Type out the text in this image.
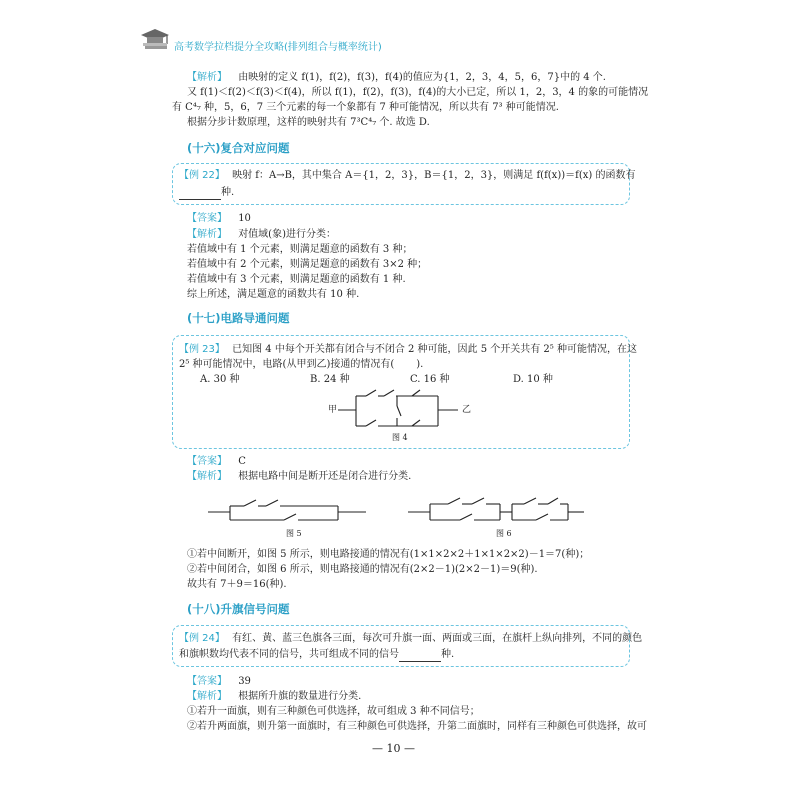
高考数学拉档提分全攻略(排列组合与概率统计)
【解析】 由映射的定义 f(1)，f(2)，f(3)，f(4)的值应为{1，2，3，4，5，6，7}中的 4 个.
又 f(1)＜f(2)＜f(3)＜f(4)，所以 f(1)，f(2)，f(3)，f(4)的大小已定，所以 1，2，3，4 的象的可能情况
有 C⁴₇ 种，5，6，7 三个元素的每一个象都有 7 种可能情况，所以共有 7³ 种可能情况.
根据分步计数原理，这样的映射共有 7³C⁴₇ 个. 故选 D.
(十六)复合对应问题
【例 22】 映射 f：A→B，其中集合 A＝{1，2，3}，B＝{1，2，3}，则满足 f(f(x))＝f(x) 的函数有
种.
【答案】 10
【解析】 对值域(象)进行分类：
若值域中有 1 个元素，则满足题意的函数有 3 种；
若值域中有 2 个元素，则满足题意的函数有 3×2 种；
若值域中有 3 个元素，则满足题意的函数有 1 种.
综上所述，满足题意的函数共有 10 种.
(十七)电路导通问题
【例 23】 已知图 4 中每个开关都有闭合与不闭合 2 种可能，因此 5 个开关共有 2⁵ 种可能情况，在这
2⁵ 种可能情况中，电路(从甲到乙)接通的情况有( ).
A. 30 种	B. 24 种	C. 16 种	D. 10 种
甲	乙
图 4
【答案】 C
【解析】 根据电路中间是断开还是闭合进行分类.
图 5	图 6
①若中间断开，如图 5 所示，则电路接通的情况有(1×1×2×2＋1×1×2×2)－1＝7(种)；
②若中间闭合，如图 6 所示，则电路接通的情况有(2×2－1)(2×2－1)＝9(种).
故共有 7＋9＝16(种).
(十八)升旗信号问题
【例 24】 有红、黄、蓝三色旗各三面，每次可升旗一面、两面或三面，在旗杆上纵向排列，不同的颜色
和旗帜数均代表不同的信号，共可组成不同的信号	种.
【答案】 39
【解析】 根据所升旗的数量进行分类.
①若升一面旗，则有三种颜色可供选择，故可组成 3 种不同信号；
②若升两面旗，则升第一面旗时，有三种颜色可供选择，升第二面旗时，同样有三种颜色可供选择，故可
— 10 —
